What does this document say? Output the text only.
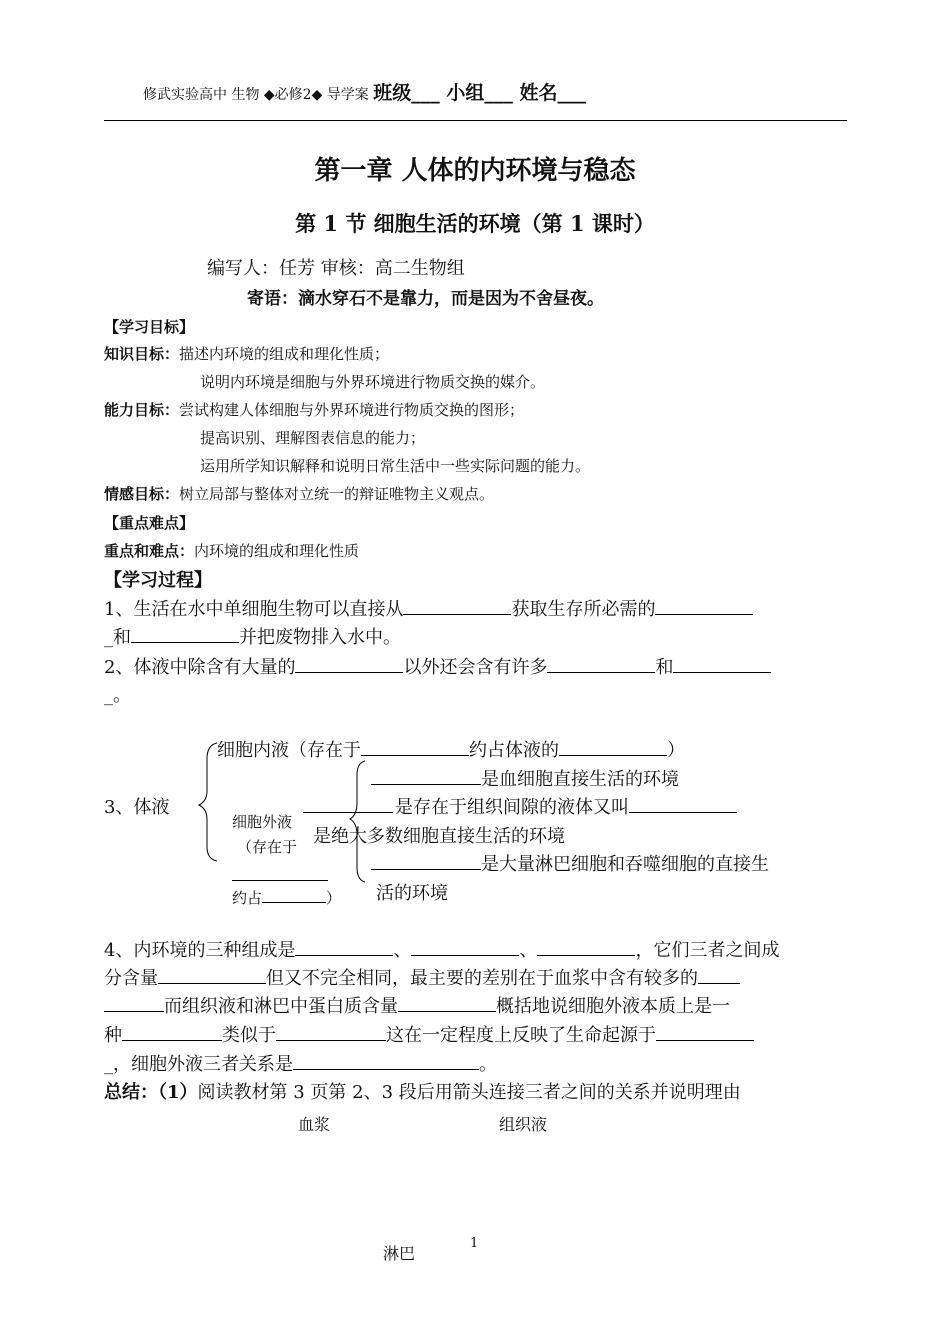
修武实验高中 生物 ◆必修2◆ 导学案 班级___ 小组___ 姓名___
第一章 人体的内环境与稳态
第 1 节 细胞生活的环境（第 1 课时）
编写人：任芳 审核：高二生物组
寄语：滴水穿石不是靠力，而是因为不舍昼夜。
【学习目标】
知识目标：描述内环境的组成和理化性质；
说明内环境是细胞与外界环境进行物质交换的媒介。
能力目标：尝试构建人体细胞与外界环境进行物质交换的图形；
提高识别、理解图表信息的能力；
运用所学知识解释和说明日常生活中一些实际问题的能力。
情感目标：树立局部与整体对立统一的辩证唯物主义观点。
【重点难点】
重点和难点：内环境的组成和理化性质
【学习过程】
1、生活在水中单细胞生物可以直接从	获取生存所必需的
_和	并把废物排入水中。
2、体液中除含有大量的	以外还会含有许多	和
_。
3、体液
细胞内液（存在于	约占体液的	）
是血细胞直接生活的环境
是存在于组织间隙的液体又叫
是绝大多数细胞直接生活的环境
是大量淋巴细胞和吞噬细胞的直接生
活的环境
细胞外液
（存在于
约占	）
4、内环境的三种组成是	、	、	，它们三者之间成
分含量	但又不完全相同，最主要的差别在于血浆中含有较多的
而组织液和淋巴中蛋白质含量	概括地说细胞外液本质上是一
种	类似于	这在一定程度上反映了生命起源于
_，细胞外液三者关系是	。
总结：（1）阅读教材第 3 页第 2、3 段后用箭头连接三者之间的关系并说明理由
血浆	组织液
淋巴
1
